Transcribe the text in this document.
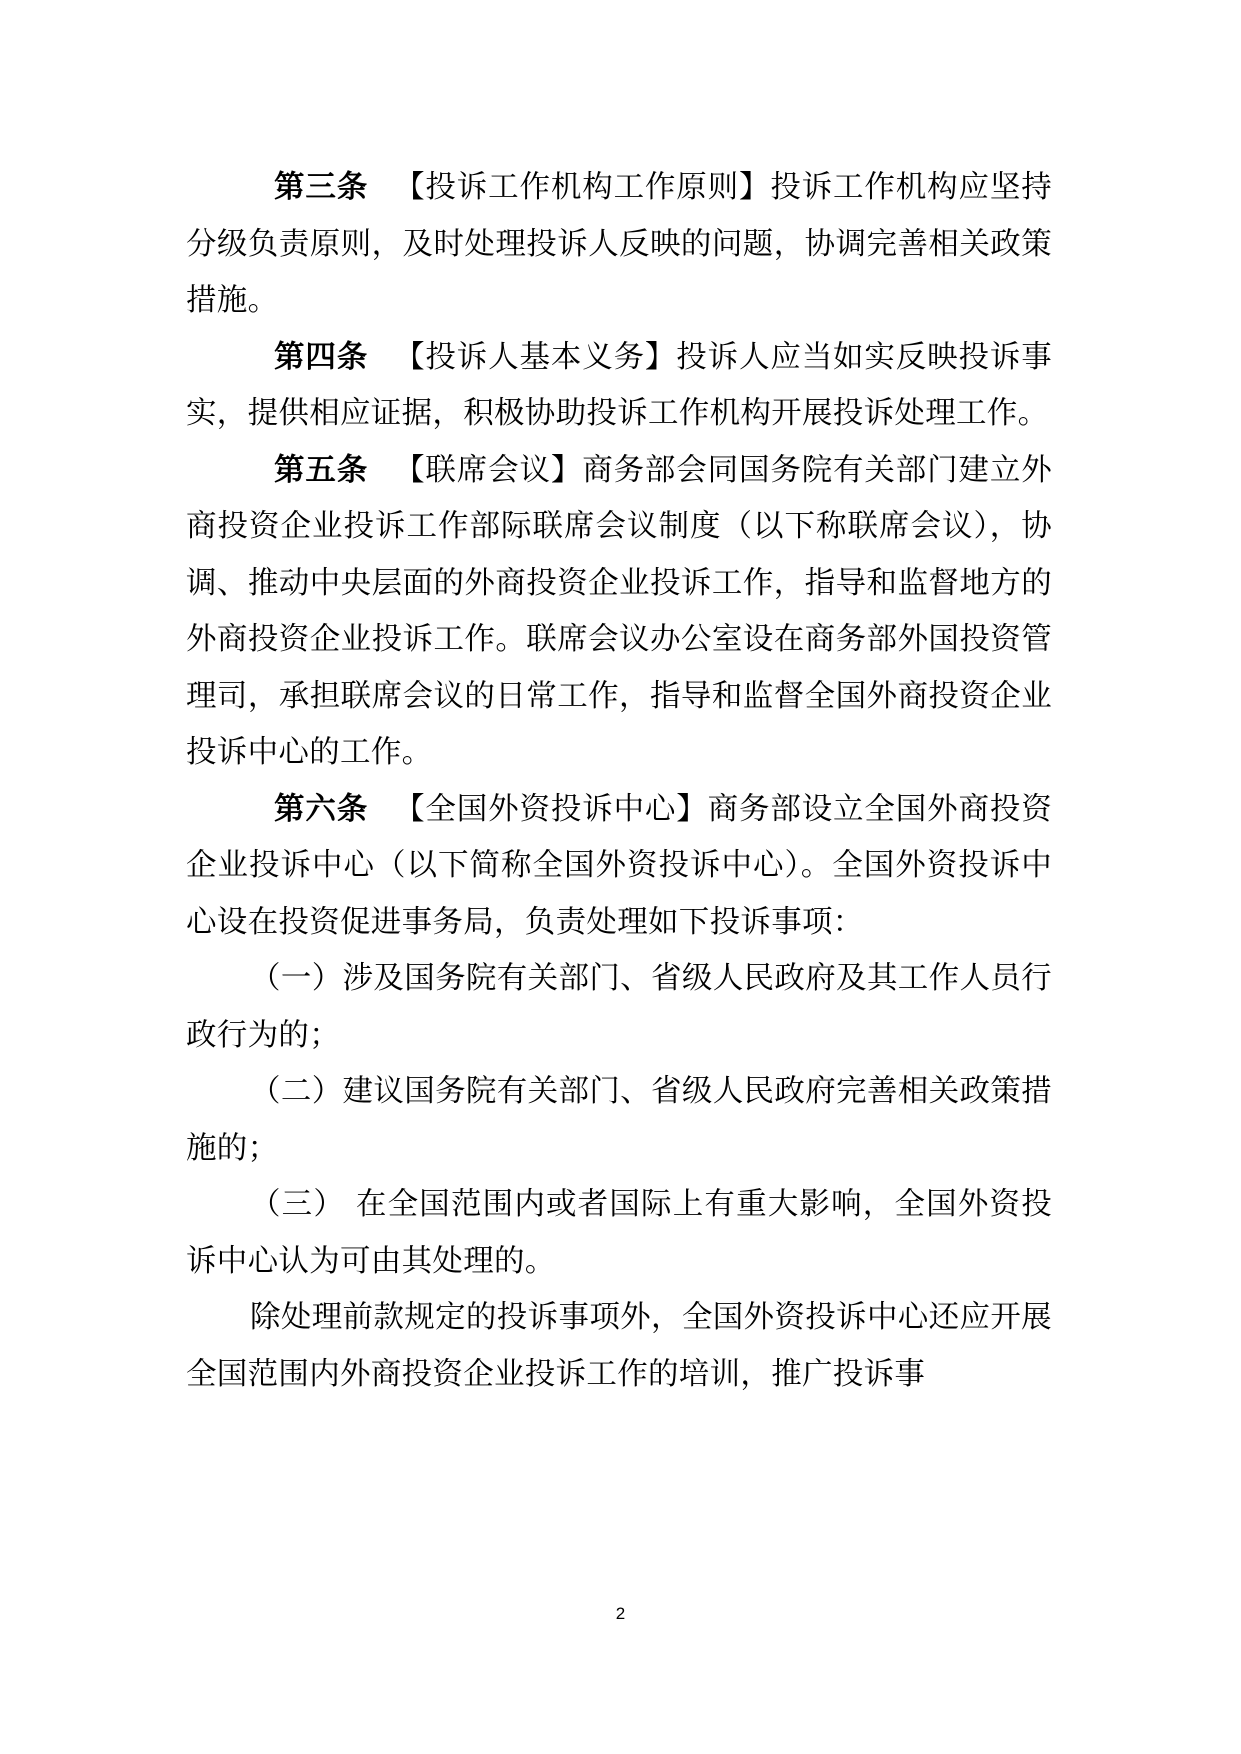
第三条 【投诉工作机构工作原则】投诉工作机构应坚持分级负责原则，及时处理投诉人反映的问题，协调完善相关政策措施。

第四条 【投诉人基本义务】投诉人应当如实反映投诉事实，提供相应证据，积极协助投诉工作机构开展投诉处理工作。

第五条 【联席会议】商务部会同国务院有关部门建立外商投资企业投诉工作部际联席会议制度（以下称联席会议），协调、推动中央层面的外商投资企业投诉工作，指导和监督地方的外商投资企业投诉工作。联席会议办公室设在商务部外国投资管理司，承担联席会议的日常工作，指导和监督全国外商投资企业投诉中心的工作。

第六条 【全国外资投诉中心】商务部设立全国外商投资企业投诉中心（以下简称全国外资投诉中心）。全国外资投诉中心设在投资促进事务局，负责处理如下投诉事项：

（一）涉及国务院有关部门、省级人民政府及其工作人员行政行为的；

（二）建议国务院有关部门、省级人民政府完善相关政策措施的；

（三） 在全国范围内或者国际上有重大影响，全国外资投诉中心认为可由其处理的。

除处理前款规定的投诉事项外，全国外资投诉中心还应开展全国范围内外商投资企业投诉工作的培训，推广投诉事

2
